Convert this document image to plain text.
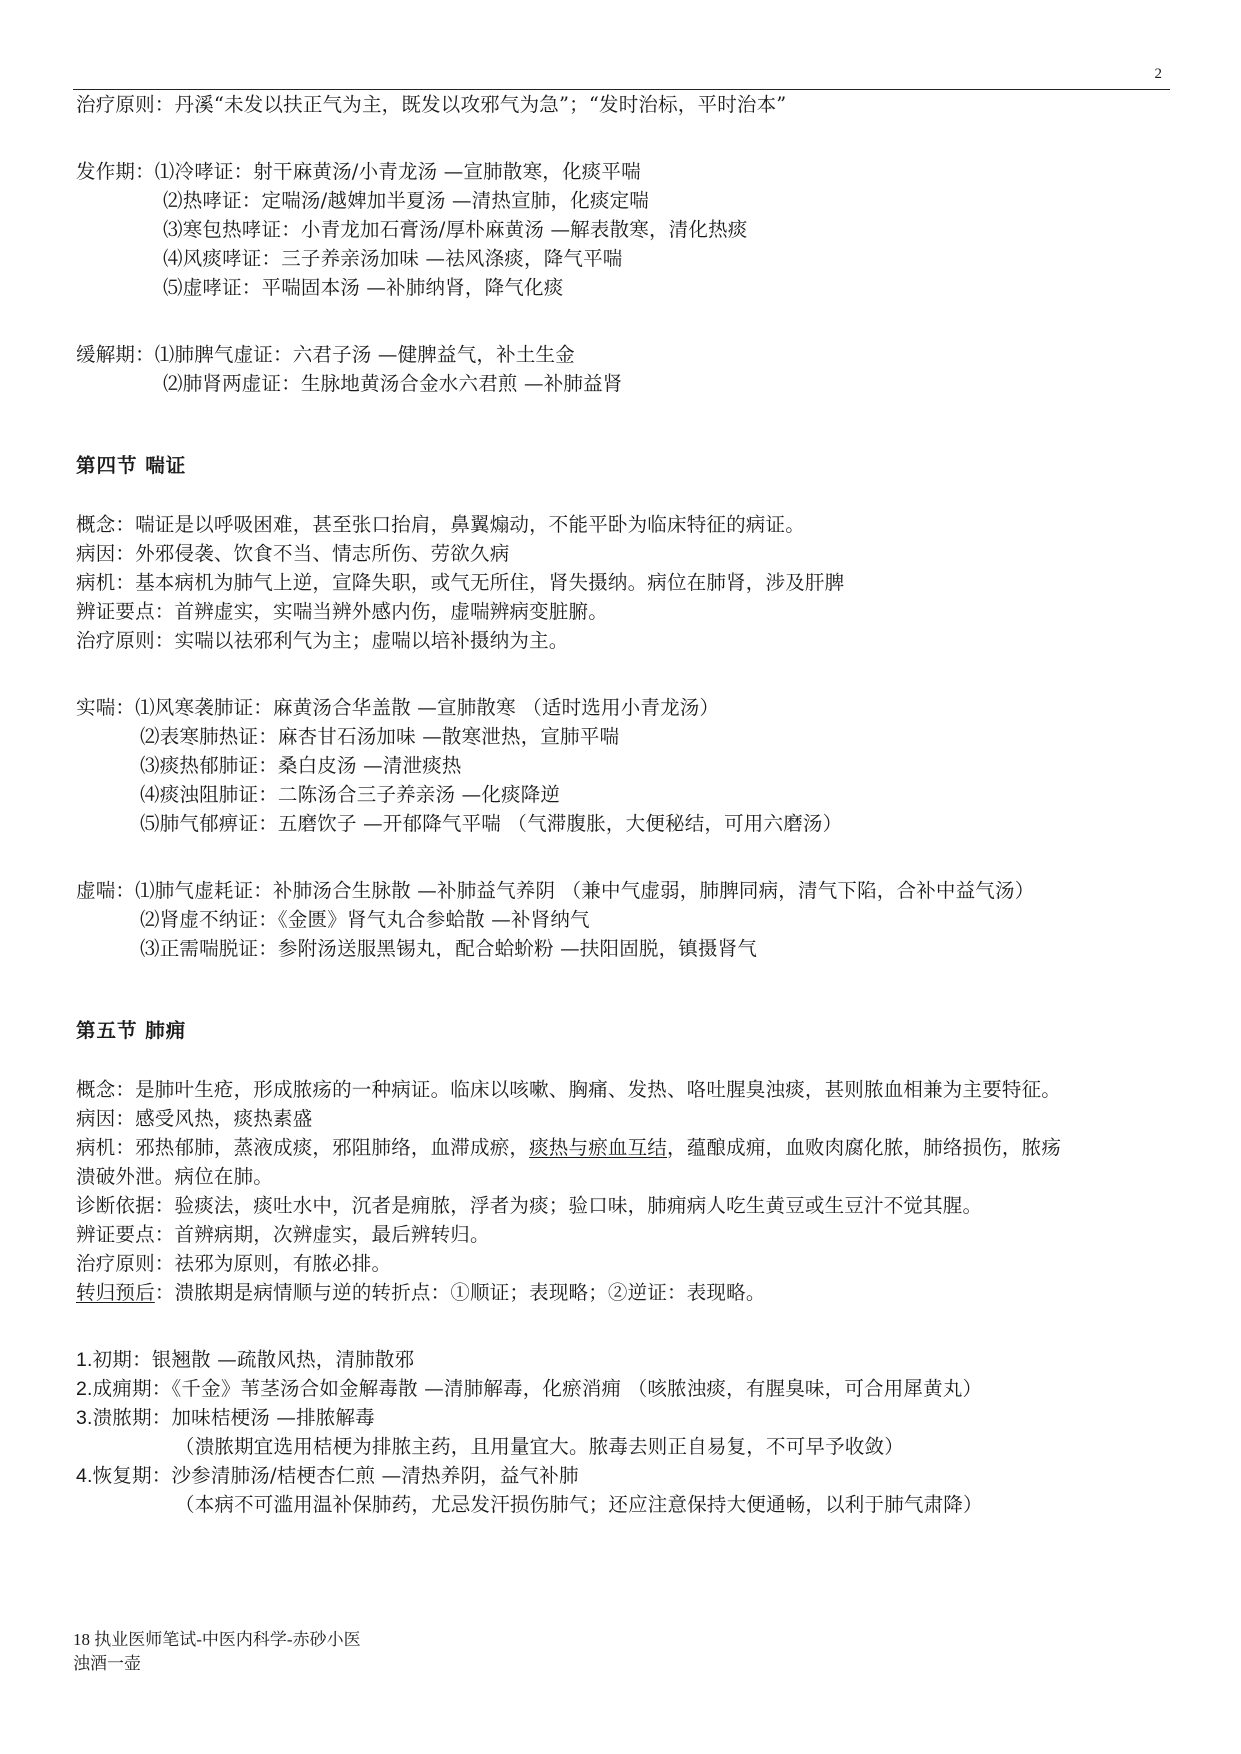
2
治疗原则：丹溪“未发以扶正气为主，既发以攻邪气为急”；“发时治标，平时治本”
发作期：⑴冷哮证：射干麻黄汤/小青龙汤 —宣肺散寒，化痰平喘
⑵热哮证：定喘汤/越婢加半夏汤 —清热宣肺，化痰定喘
⑶寒包热哮证：小青龙加石膏汤/厚朴麻黄汤 —解表散寒，清化热痰
⑷风痰哮证：三子养亲汤加味 —祛风涤痰，降气平喘
⑸虚哮证：平喘固本汤 —补肺纳肾，降气化痰
缓解期：⑴肺脾气虚证：六君子汤 —健脾益气，补土生金
⑵肺肾两虚证：生脉地黄汤合金水六君煎 —补肺益肾
第四节 喘证
概念：喘证是以呼吸困难，甚至张口抬肩，鼻翼煽动，不能平卧为临床特征的病证。
病因：外邪侵袭、饮食不当、情志所伤、劳欲久病
病机：基本病机为肺气上逆，宣降失职，或气无所住，肾失摄纳。病位在肺肾，涉及肝脾
辨证要点：首辨虚实，实喘当辨外感内伤，虚喘辨病变脏腑。
治疗原则：实喘以祛邪利气为主；虚喘以培补摄纳为主。
实喘：⑴风寒袭肺证：麻黄汤合华盖散 —宣肺散寒 （适时选用小青龙汤）
⑵表寒肺热证：麻杏甘石汤加味 —散寒泄热，宣肺平喘
⑶痰热郁肺证：桑白皮汤 —清泄痰热
⑷痰浊阻肺证：二陈汤合三子养亲汤 —化痰降逆
⑸肺气郁痹证：五磨饮子 —开郁降气平喘 （气滞腹胀，大便秘结，可用六磨汤）
虚喘：⑴肺气虚耗证：补肺汤合生脉散 —补肺益气养阴 （兼中气虚弱，肺脾同病，清气下陷，合补中益气汤）
⑵肾虚不纳证：《金匮》肾气丸合参蛤散 —补肾纳气
⑶正需喘脱证：参附汤送服黑锡丸，配合蛤蚧粉 —扶阳固脱，镇摄肾气
第五节 肺痈
概念：是肺叶生疮，形成脓疡的一种病证。临床以咳嗽、胸痛、发热、咯吐腥臭浊痰，甚则脓血相兼为主要特征。
病因：感受风热，痰热素盛
病机：邪热郁肺，蒸液成痰，邪阻肺络，血滞成瘀，痰热与瘀血互结，蕴酿成痈，血败肉腐化脓，肺络损伤，脓疡
溃破外泄。病位在肺。
诊断依据：验痰法，痰吐水中，沉者是痈脓，浮者为痰；验口味，肺痈病人吃生黄豆或生豆汁不觉其腥。
辨证要点：首辨病期，次辨虚实，最后辨转归。
治疗原则：祛邪为原则，有脓必排。
转归预后：溃脓期是病情顺与逆的转折点：①顺证；表现略；②逆证：表现略。
1.初期：银翘散 —疏散风热，清肺散邪
2.成痈期：《千金》苇茎汤合如金解毒散 —清肺解毒，化瘀消痈 （咳脓浊痰，有腥臭味，可合用犀黄丸）
3.溃脓期：加味桔梗汤 —排脓解毒
（溃脓期宜选用桔梗为排脓主药，且用量宜大。脓毒去则正自易复，不可早予收敛）
4.恢复期：沙参清肺汤/桔梗杏仁煎 —清热养阴，益气补肺
（本病不可滥用温补保肺药，尤忌发汗损伤肺气；还应注意保持大便通畅，以利于肺气肃降）
18 执业医师笔试-中医内科学-赤砂小医
浊酒一壶
